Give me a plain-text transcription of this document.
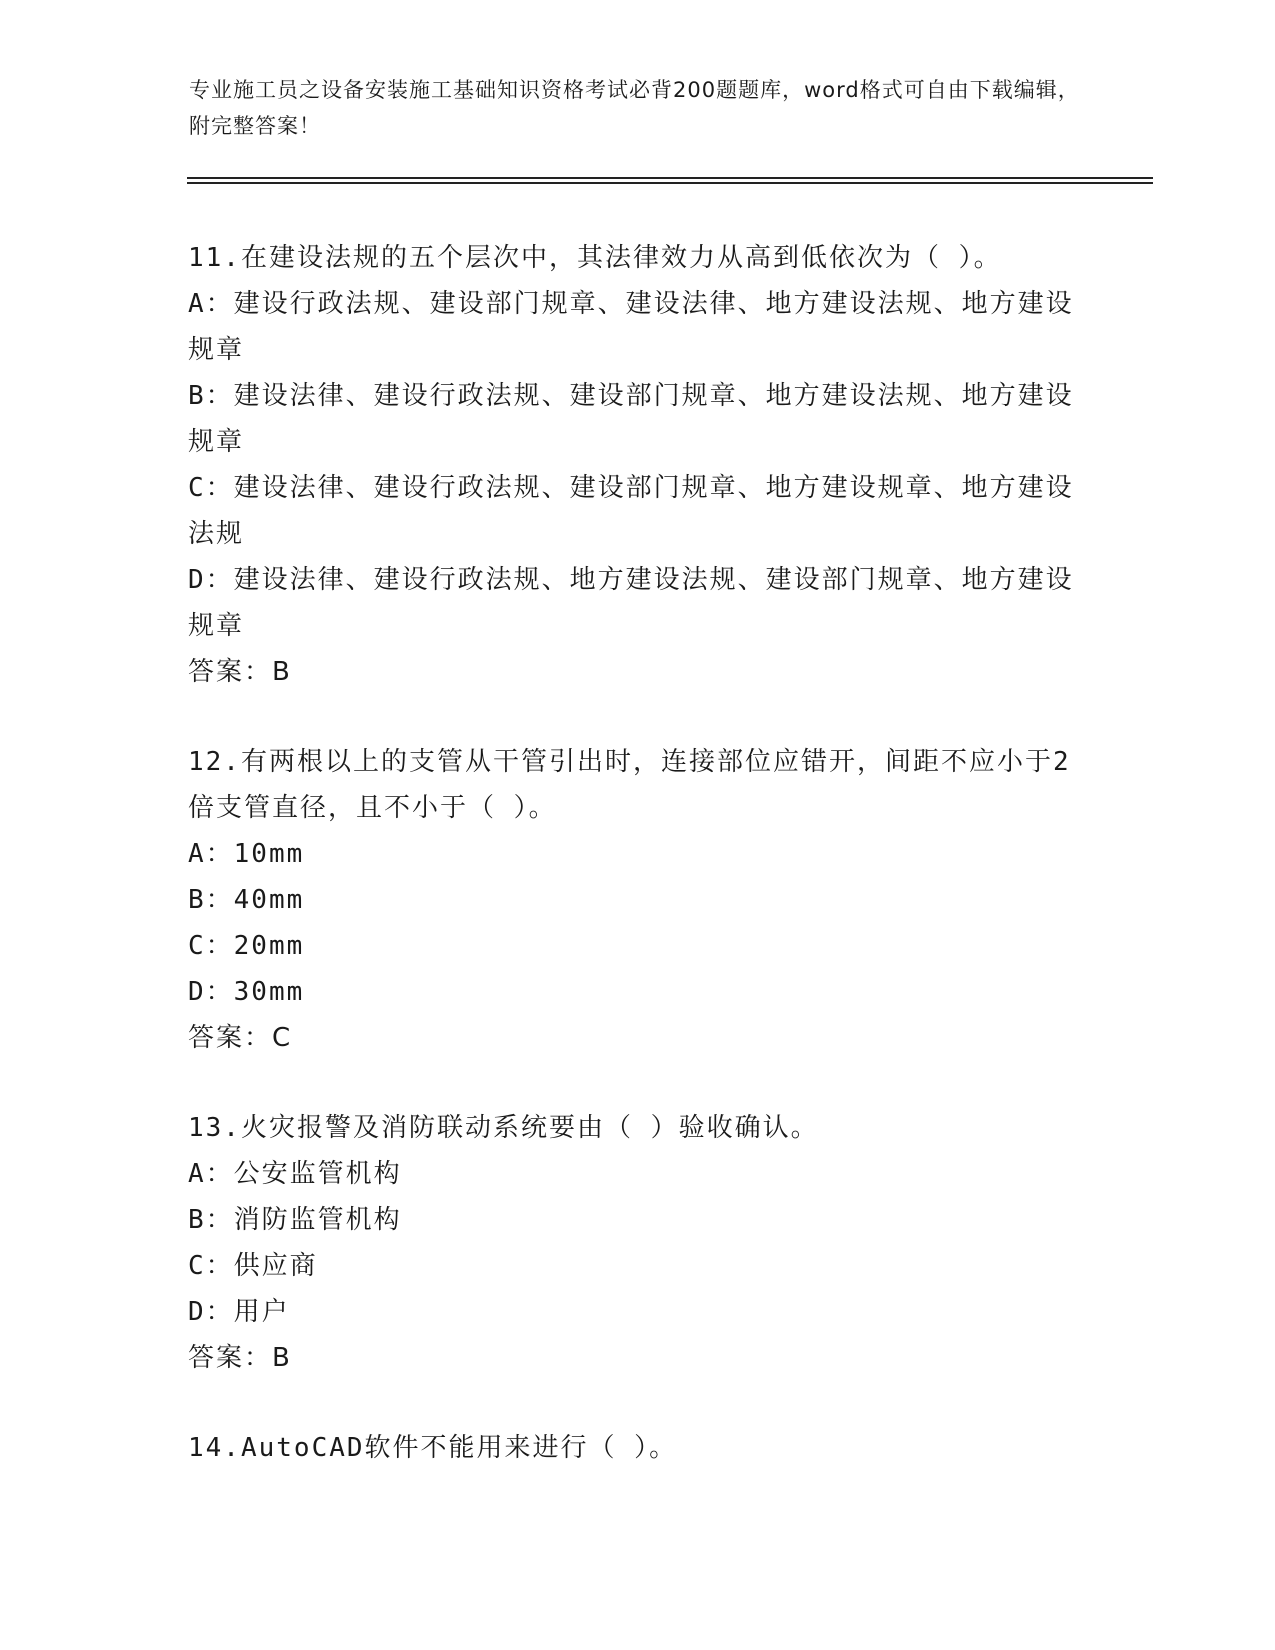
专业施工员之设备安装施工基础知识资格考试必背200题题库，word格式可自由下载编辑，附完整答案！
11.在建设法规的五个层次中，其法律效力从高到低依次为（ ）。
A：建设行政法规、建设部门规章、建设法律、地方建设法规、地方建设规章
B：建设法律、建设行政法规、建设部门规章、地方建设法规、地方建设规章
C：建设法律、建设行政法规、建设部门规章、地方建设规章、地方建设法规
D：建设法律、建设行政法规、地方建设法规、建设部门规章、地方建设规章
答案：B
12.有两根以上的支管从干管引出时，连接部位应错开，间距不应小于2倍支管直径，且不小于（ ）。
A：10mm
B：40mm
C：20mm
D：30mm
答案：C
13.火灾报警及消防联动系统要由（ ）验收确认。
A：公安监管机构
B：消防监管机构
C：供应商
D：用户
答案：B
14.AutoCAD软件不能用来进行（ ）。
